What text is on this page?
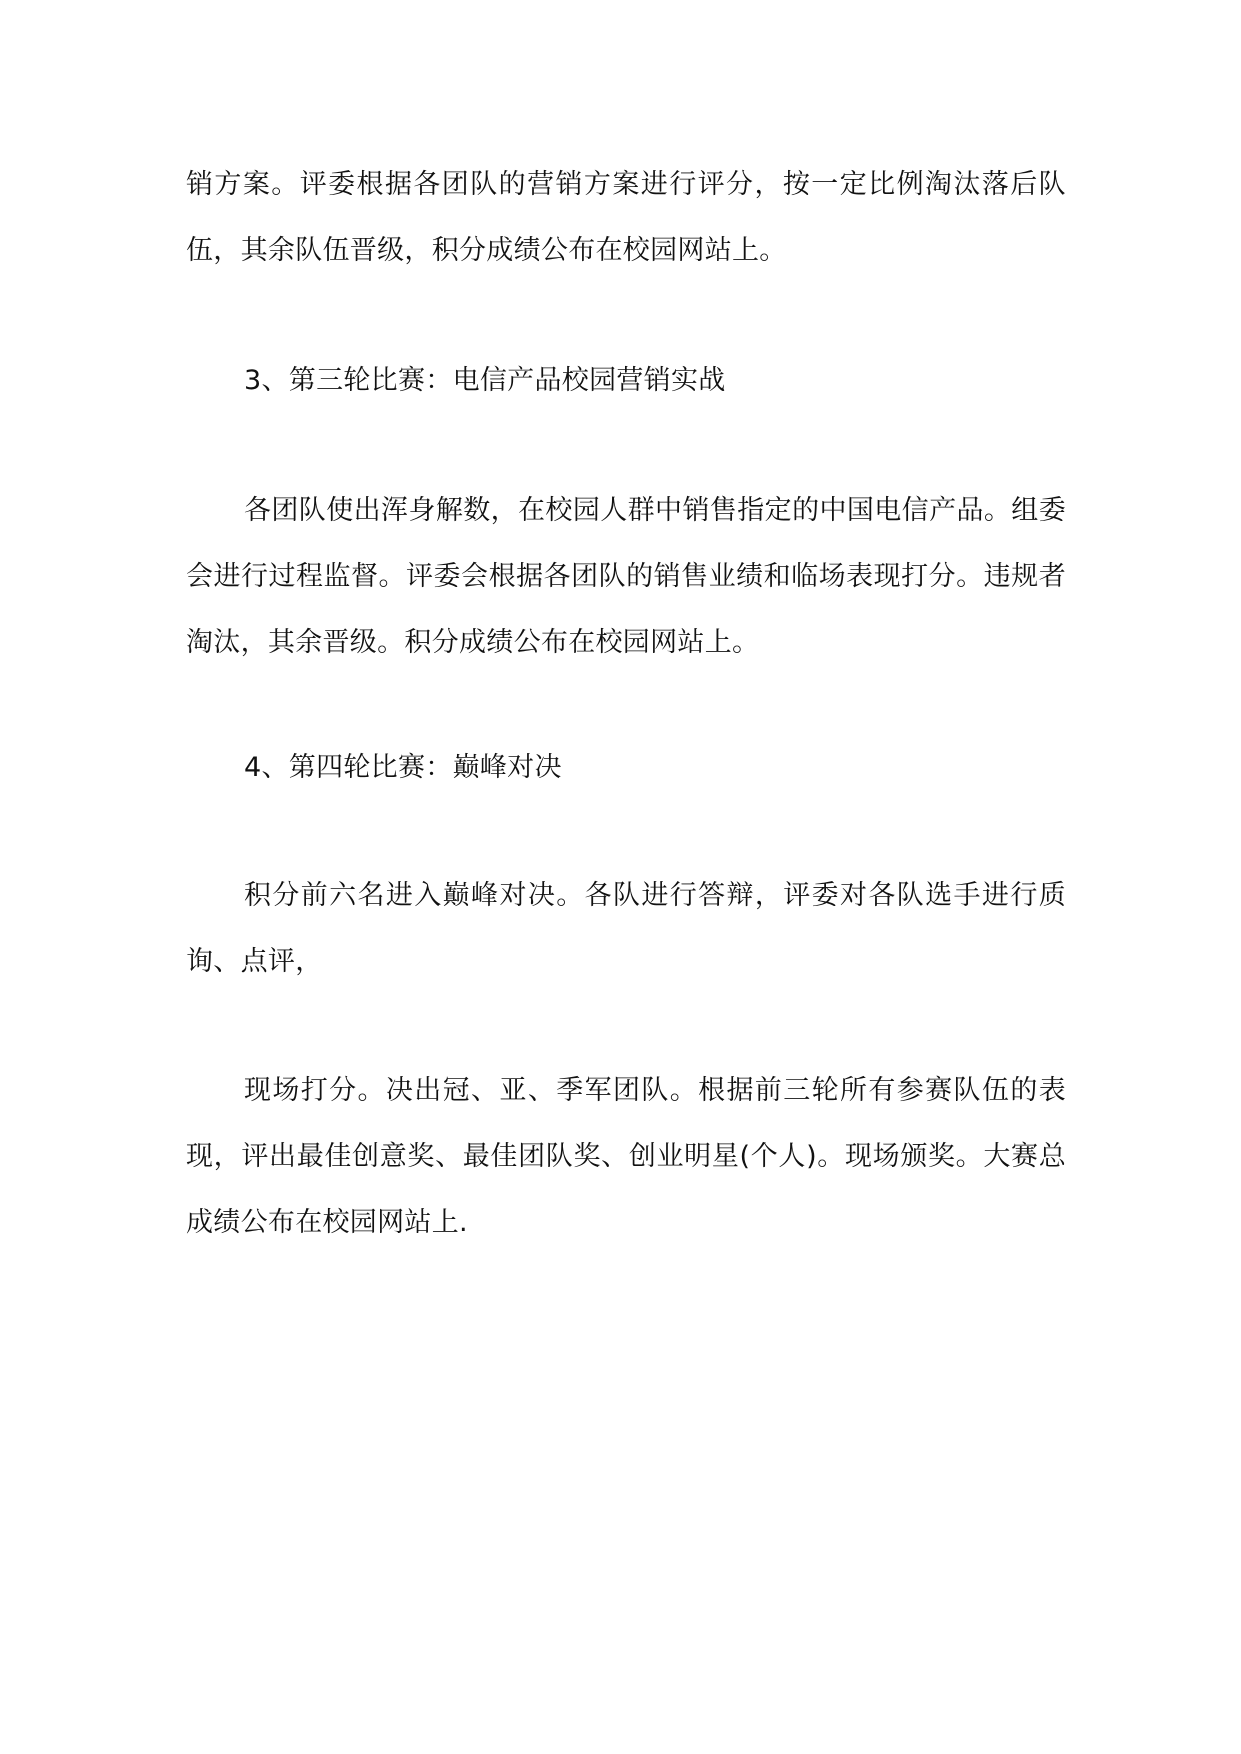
销方案。评委根据各团队的营销方案进行评分，按一定比例淘汰落后队伍，其余队伍晋级，积分成绩公布在校园网站上。

3、第三轮比赛：电信产品校园营销实战

各团队使出浑身解数，在校园人群中销售指定的中国电信产品。组委会进行过程监督。评委会根据各团队的销售业绩和临场表现打分。违规者淘汰，其余晋级。积分成绩公布在校园网站上。

4、第四轮比赛：巅峰对决

积分前六名进入巅峰对决。各队进行答辩，评委对各队选手进行质询、点评，

现场打分。决出冠、亚、季军团队。根据前三轮所有参赛队伍的表现，评出最佳创意奖、最佳团队奖、创业明星(个人)。现场颁奖。大赛总成绩公布在校园网站上.
